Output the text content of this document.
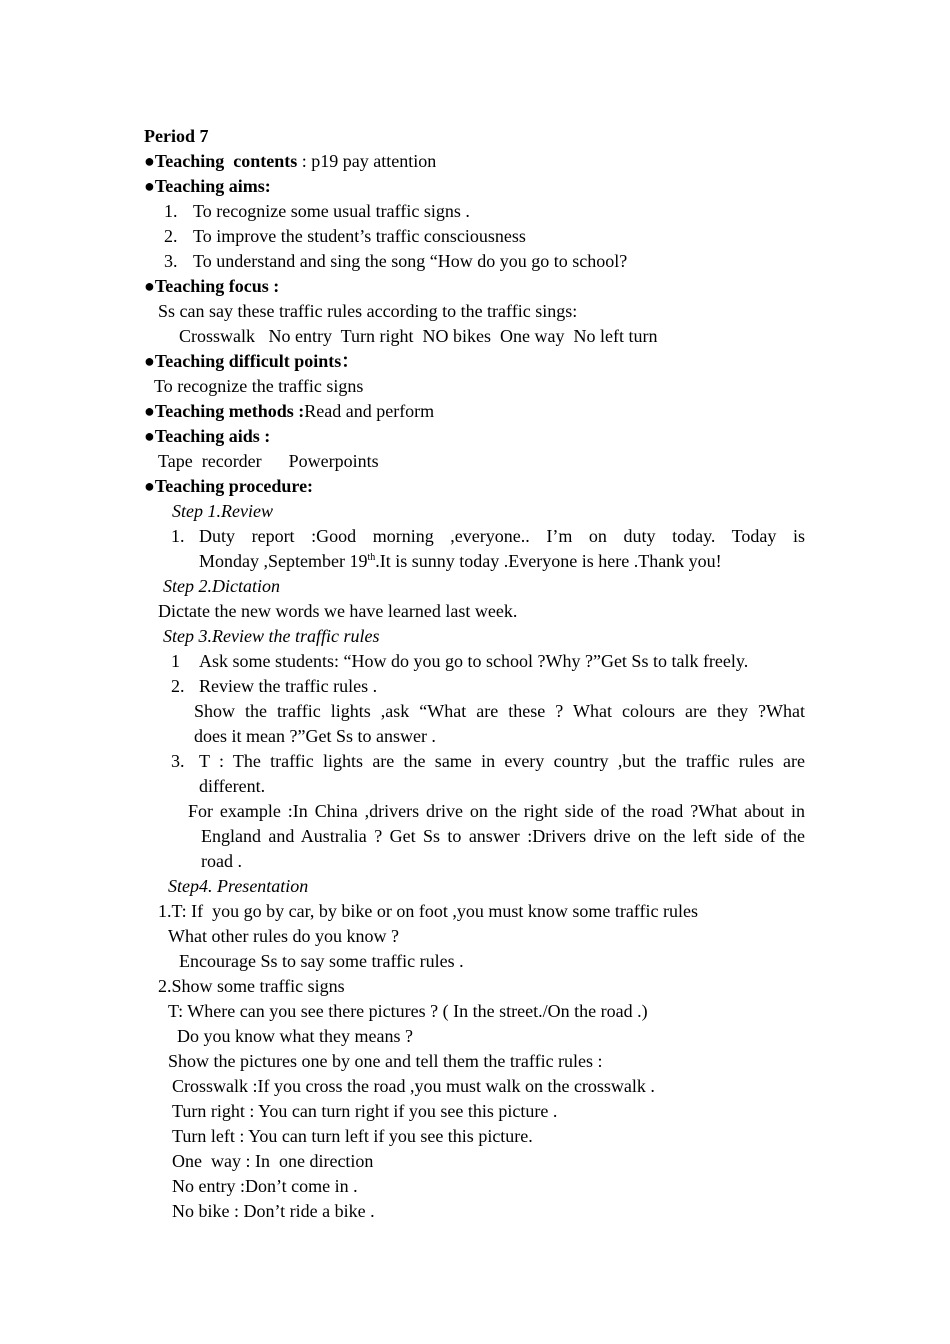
Period 7
●Teaching  contents : p19 pay attention
●Teaching aims:
1. To recognize some usual traffic signs .
2. To improve the student’s traffic consciousness
3. To understand and sing the song “How do you go to school?
●Teaching focus :
Ss can say these traffic rules according to the traffic sings:
Crosswalk   No entry  Turn right  NO bikes  One way  No left turn
●Teaching difficult points：
To recognize the traffic signs
●Teaching methods :Read and perform
●Teaching aids :
Tape  recorder      Powerpoints
●Teaching procedure:
Step 1.Review
1. Duty report :Good morning ,everyone.. I’m on duty today. Today is
Monday ,September 19th.It is sunny today .Everyone is here .Thank you!
Step 2.Dictation
Dictate the new words we have learned last week.
Step 3.Review the traffic rules
1 Ask some students: “How do you go to school ?Why ?”Get Ss to talk freely.
2. Review the traffic rules .
Show the traffic lights ,ask “What are these ? What colours are they ?What
does it mean ?”Get Ss to answer .
3. T : The traffic lights are the same in every country ,but the traffic rules are
different.
For example :In China ,drivers drive on the right side of the road ?What about in
England and Australia ? Get Ss to answer :Drivers drive on the left side of the
road .
Step4. Presentation
1.T: If  you go by car, by bike or on foot ,you must know some traffic rules
What other rules do you know ?
Encourage Ss to say some traffic rules .
2.Show some traffic signs
T: Where can you see there pictures ? ( In the street./On the road .)
Do you know what they means ?
Show the pictures one by one and tell them the traffic rules :
Crosswalk :If you cross the road ,you must walk on the crosswalk .
Turn right : You can turn right if you see this picture .
Turn left : You can turn left if you see this picture.
One  way : In  one direction
No entry :Don’t come in .
No bike : Don’t ride a bike .
